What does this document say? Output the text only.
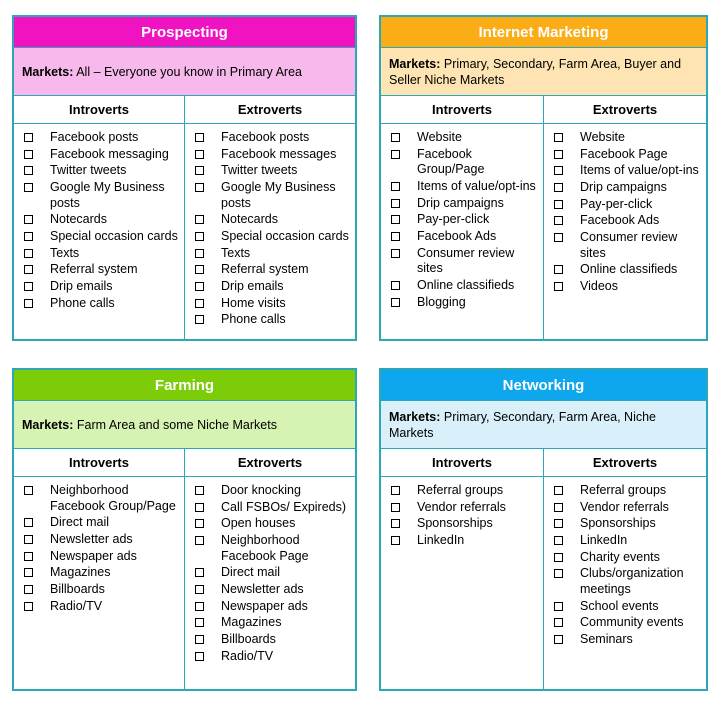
Prospecting
Markets: All – Everyone you know in Primary Area
Introverts	Extroverts
Facebook posts
Facebook messaging
Twitter tweets
Google My Business posts
Notecards
Special occasion cards
Texts
Referral system
Drip emails
Phone calls
Facebook posts
Facebook messages
Twitter tweets
Google My Business posts
Notecards
Special occasion cards
Texts
Referral system
Drip emails
Home visits
Phone calls
Internet Marketing
Markets: Primary, Secondary, Farm Area, Buyer and Seller Niche Markets
Introverts	Extroverts
Website
Facebook Group/Page
Items of value/opt-ins
Drip campaigns
Pay-per-click
Facebook Ads
Consumer review sites
Online classifieds
Blogging
Website
Facebook Page
Items of value/opt-ins
Drip campaigns
Pay-per-click
Facebook Ads
Consumer review sites
Online classifieds
Videos
Farming
Markets: Farm Area and some Niche Markets
Introverts	Extroverts
Neighborhood Facebook Group/Page
Direct mail
Newsletter ads
Newspaper ads
Magazines
Billboards
Radio/TV
Door knocking
Call FSBOs/ Expireds)
Open houses
Neighborhood Facebook Page
Direct mail
Newsletter ads
Newspaper ads
Magazines
Billboards
Radio/TV
Networking
Markets: Primary, Secondary, Farm Area, Niche Markets
Introverts	Extroverts
Referral groups
Vendor referrals
Sponsorships
LinkedIn
Referral groups
Vendor referrals
Sponsorships
LinkedIn
Charity events
Clubs/organization meetings
School events
Community events
Seminars
